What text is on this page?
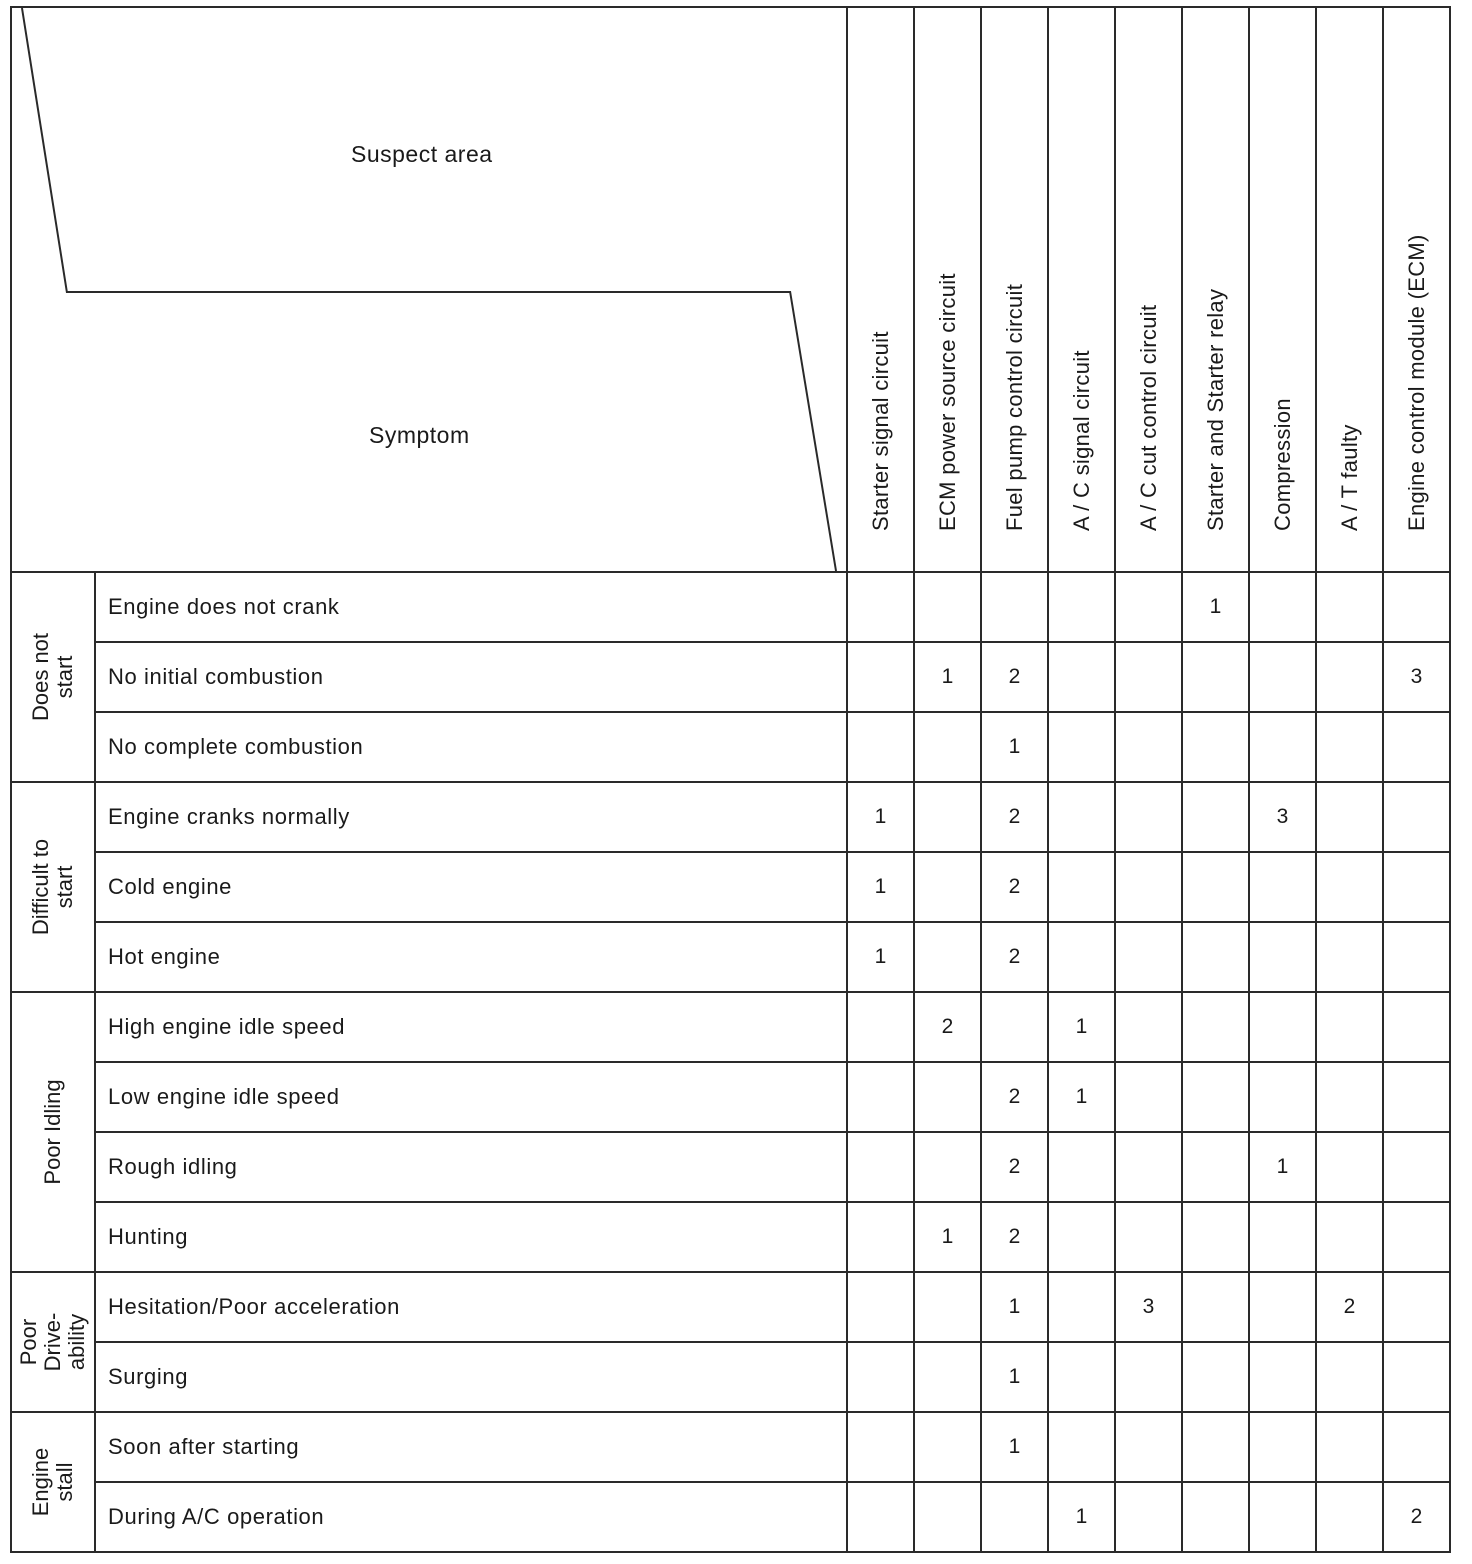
Suspect area
Symptom		Starter signal circuit	ECM power source circuit	Fuel pump control circuit	A / C signal circuit	A / C cut control circuit	Starter and Starter relay	Compression	A / T faulty	Engine control module (ECM)

Does not start	Engine does not crank						1			
	No initial combustion		1	2						3
	No complete combustion			1						

Difficult to start	Engine cranks normally	1		2				3		
	Cold engine	1		2						
	Hot engine	1		2						

Poor Idling	High engine idle speed		2		1					
	Low engine idle speed			2	1					
	Rough idling			2				1		
	Hunting		1	2						

Poor Drive- ability	Hesitation/Poor acceleration			1		3			2	
	Surging			1						

Engine stall	Soon after starting			1						
	During A/C operation				1					2
